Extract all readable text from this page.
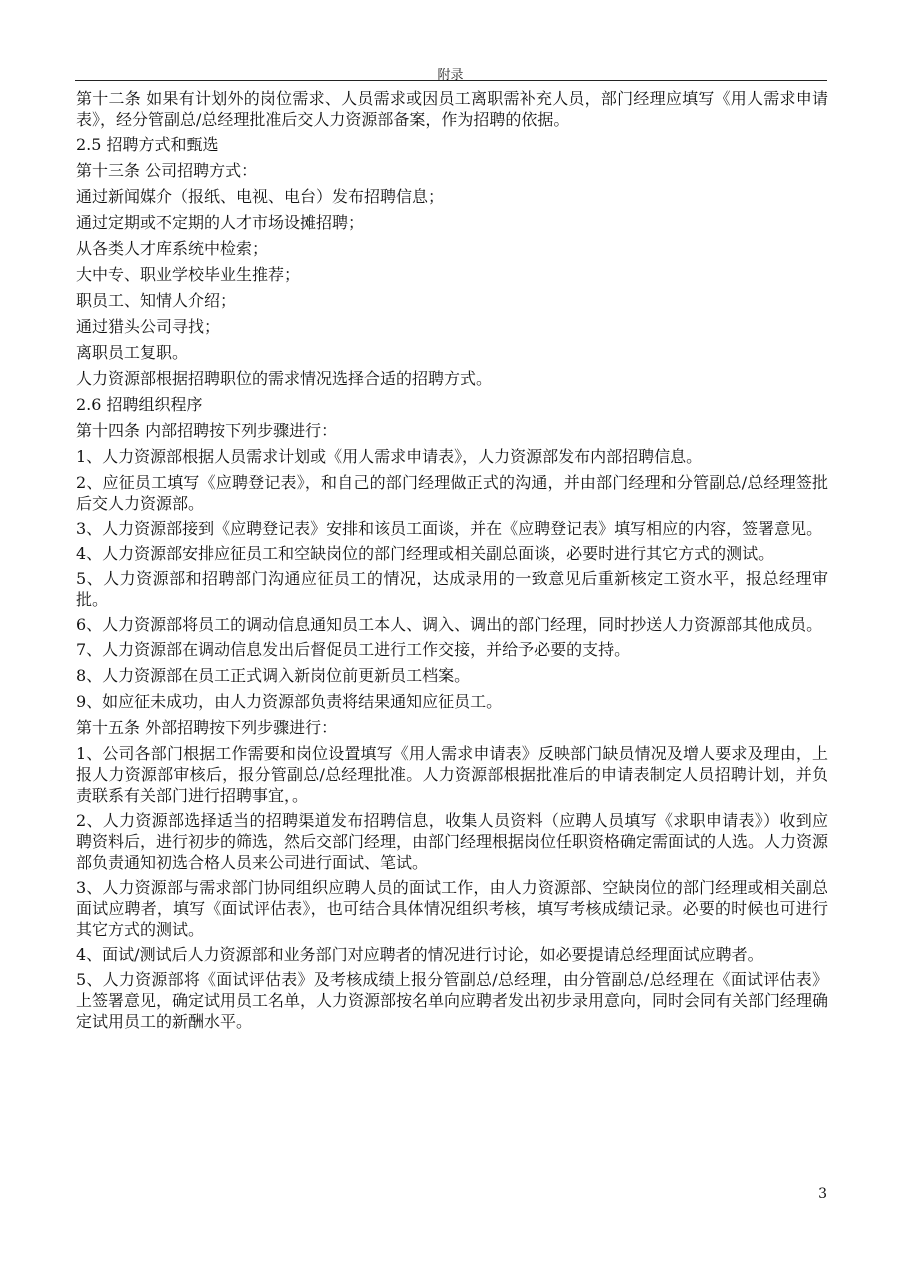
附录

第十二条 如果有计划外的岗位需求、人员需求或因员工离职需补充人员，部门经理应填写《用人需求申请表》，经分管副总/总经理批准后交人力资源部备案，作为招聘的依据。

2.5 招聘方式和甄选

第十三条 公司招聘方式：

通过新闻媒介（报纸、电视、电台）发布招聘信息；

通过定期或不定期的人才市场设摊招聘；

从各类人才库系统中检索；

大中专、职业学校毕业生推荐；

职员工、知情人介绍；

通过猎头公司寻找；

离职员工复职。

人力资源部根据招聘职位的需求情况选择合适的招聘方式。

2.6 招聘组织程序

第十四条 内部招聘按下列步骤进行：

1、人力资源部根据人员需求计划或《用人需求申请表》，人力资源部发布内部招聘信息。

2、应征员工填写《应聘登记表》，和自己的部门经理做正式的沟通，并由部门经理和分管副总/总经理签批后交人力资源部。

3、人力资源部接到《应聘登记表》安排和该员工面谈，并在《应聘登记表》填写相应的内容，签署意见。

4、人力资源部安排应征员工和空缺岗位的部门经理或相关副总面谈，必要时进行其它方式的测试。

5、人力资源部和招聘部门沟通应征员工的情况，达成录用的一致意见后重新核定工资水平，报总经理审批。

6、人力资源部将员工的调动信息通知员工本人、调入、调出的部门经理，同时抄送人力资源部其他成员。

7、人力资源部在调动信息发出后督促员工进行工作交接，并给予必要的支持。

8、人力资源部在员工正式调入新岗位前更新员工档案。

9、如应征未成功，由人力资源部负责将结果通知应征员工。

第十五条 外部招聘按下列步骤进行：

1、公司各部门根据工作需要和岗位设置填写《用人需求申请表》反映部门缺员情况及增人要求及理由，上报人力资源部审核后，报分管副总/总经理批准。人力资源部根据批准后的申请表制定人员招聘计划，并负责联系有关部门进行招聘事宜，。

2、人力资源部选择适当的招聘渠道发布招聘信息，收集人员资料（应聘人员填写《求职申请表》）收到应聘资料后，进行初步的筛选，然后交部门经理，由部门经理根据岗位任职资格确定需面试的人选。人力资源部负责通知初选合格人员来公司进行面试、笔试。

3、人力资源部与需求部门协同组织应聘人员的面试工作，由人力资源部、空缺岗位的部门经理或相关副总面试应聘者，填写《面试评估表》，也可结合具体情况组织考核，填写考核成绩记录。必要的时候也可进行其它方式的测试。

4、面试/测试后人力资源部和业务部门对应聘者的情况进行讨论，如必要提请总经理面试应聘者。

5、人力资源部将《面试评估表》及考核成绩上报分管副总/总经理，由分管副总/总经理在《面试评估表》上签署意见，确定试用员工名单，人力资源部按名单向应聘者发出初步录用意向，同时会同有关部门经理确定试用员工的新酬水平。

3
